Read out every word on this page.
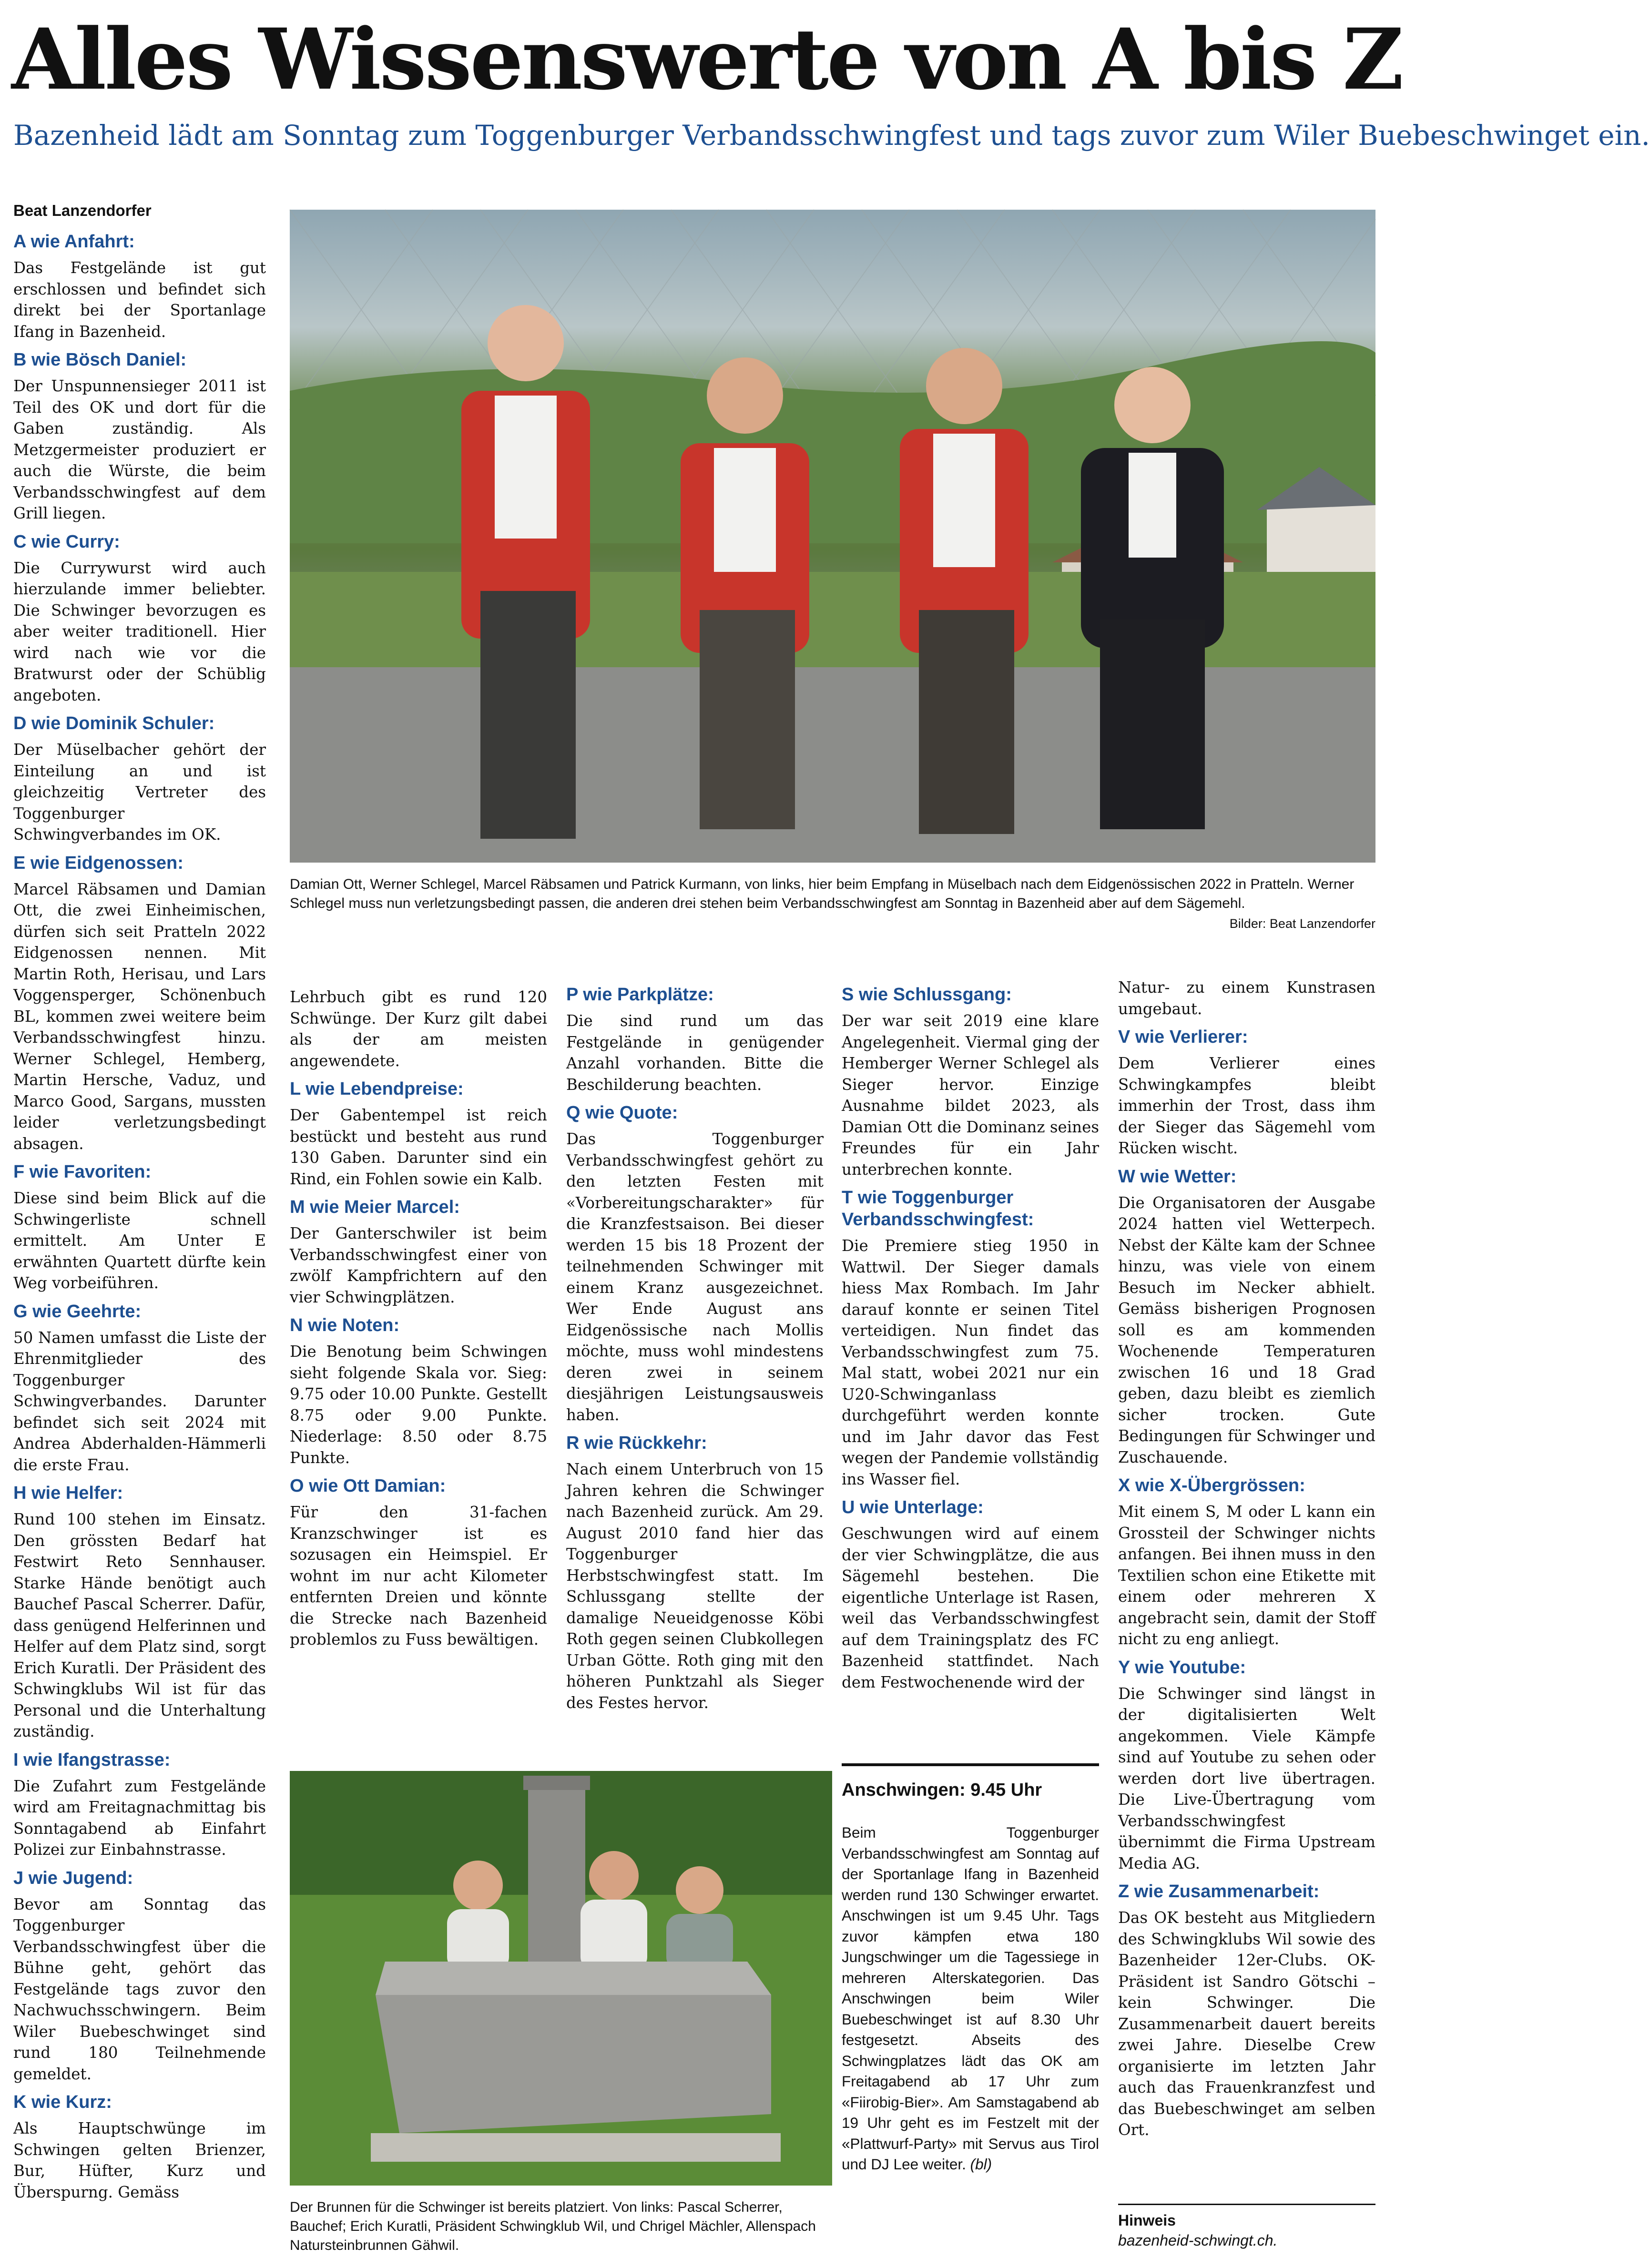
Alles Wissenswerte von A bis Z
Bazenheid lädt am Sonntag zum Toggenburger Verbandsschwingfest und tags zuvor zum Wiler Buebeschwinget ein.
Beat Lanzendorfer
A wie Anfahrt:
Das Festgelände ist gut erschlossen und befindet sich direkt bei der Sportanlage Ifang in Bazenheid.
B wie Bösch Daniel:
Der Unspunnensieger 2011 ist Teil des OK und dort für die Gaben zuständig. Als Metzgermeister produziert er auch die Würste, die beim Verbandsschwingfest auf dem Grill liegen.
C wie Curry:
Die Currywurst wird auch hierzulande immer beliebter. Die Schwinger bevorzugen es aber weiter traditionell. Hier wird nach wie vor die Bratwurst oder der Schüblig angeboten.
D wie Dominik Schuler:
Der Müselbacher gehört der Einteilung an und ist gleichzeitig Vertreter des Toggenburger Schwingverbandes im OK.
E wie Eidgenossen:
Marcel Räbsamen und Damian Ott, die zwei Einheimischen, dürfen sich seit Pratteln 2022 Eidgenossen nennen. Mit Martin Roth, Herisau, und Lars Voggensperger, Schönenbuch BL, kommen zwei weitere beim Verbandsschwingfest hinzu. Werner Schlegel, Hemberg, Martin Hersche, Vaduz, und Marco Good, Sargans, mussten leider verletzungsbedingt absagen.
F wie Favoriten:
Diese sind beim Blick auf die Schwingerliste schnell ermittelt. Am Unter E erwähnten Quartett dürfte kein Weg vorbeiführen.
G wie Geehrte:
50 Namen umfasst die Liste der Ehrenmitglieder des Toggenburger Schwingverbandes. Darunter befindet sich seit 2024 mit Andrea Abderhalden-Hämmerli die erste Frau.
H wie Helfer:
Rund 100 stehen im Einsatz. Den grössten Bedarf hat Festwirt Reto Sennhauser. Starke Hände benötigt auch Bauchef Pascal Scherrer. Dafür, dass genügend Helferinnen und Helfer auf dem Platz sind, sorgt Erich Kuratli. Der Präsident des Schwingklubs Wil ist für das Personal und die Unterhaltung zuständig.
I wie Ifangstrasse:
Die Zufahrt zum Festgelände wird am Freitagnachmittag bis Sonntagabend ab Einfahrt Polizei zur Einbahnstrasse.
J wie Jugend:
Bevor am Sonntag das Toggenburger Verbandsschwingfest über die Bühne geht, gehört das Festgelände tags zuvor den Nachwuchsschwingern. Beim Wiler Buebeschwinget sind rund 180 Teilnehmende gemeldet.
K wie Kurz:
Als Hauptschwünge im Schwingen gelten Brienzer, Bur, Hüfter, Kurz und Überspurng. Gemäss
Damian Ott, Werner Schlegel, Marcel Räbsamen und Patrick Kurmann, von links, hier beim Empfang in Müselbach nach dem Eidgenössischen 2022 in Pratteln. Werner Schlegel muss nun verletzungsbedingt passen, die anderen drei stehen beim Verbandsschwingfest am Sonntag in Bazenheid aber auf dem Sägemehl.
Bilder: Beat Lanzendorfer
Lehrbuch gibt es rund 120 Schwünge. Der Kurz gilt dabei als der am meisten angewendete.
L wie Lebendpreise:
Der Gabentempel ist reich bestückt und besteht aus rund 130 Gaben. Darunter sind ein Rind, ein Fohlen sowie ein Kalb.
M wie Meier Marcel:
Der Ganterschwiler ist beim Verbandsschwingfest einer von zwölf Kampfrichtern auf den vier Schwingplätzen.
N wie Noten:
Die Benotung beim Schwingen sieht folgende Skala vor. Sieg: 9.75 oder 10.00 Punkte. Gestellt 8.75 oder 9.00 Punkte. Niederlage: 8.50 oder 8.75 Punkte.
O wie Ott Damian:
Für den 31-fachen Kranzschwinger ist es sozusagen ein Heimspiel. Er wohnt im nur acht Kilometer entfernten Dreien und könnte die Strecke nach Bazenheid problemlos zu Fuss bewältigen.
P wie Parkplätze:
Die sind rund um das Festgelände in genügender Anzahl vorhanden. Bitte die Beschilderung beachten.
Q wie Quote:
Das Toggenburger Verbandsschwingfest gehört zu den letzten Festen mit «Vorbereitungscharakter» für die Kranzfestsaison. Bei dieser werden 15 bis 18 Prozent der teilnehmenden Schwinger mit einem Kranz ausgezeichnet. Wer Ende August ans Eidgenössische nach Mollis möchte, muss wohl mindestens deren zwei in seinem diesjährigen Leistungsausweis haben.
R wie Rückkehr:
Nach einem Unterbruch von 15 Jahren kehren die Schwinger nach Bazenheid zurück. Am 29. August 2010 fand hier das Toggenburger Herbstschwingfest statt. Im Schlussgang stellte der damalige Neueidgenosse Köbi Roth gegen seinen Clubkollegen Urban Götte. Roth ging mit den höheren Punktzahl als Sieger des Festes hervor.
S wie Schlussgang:
Der war seit 2019 eine klare Angelegenheit. Viermal ging der Hemberger Werner Schlegel als Sieger hervor. Einzige Ausnahme bildet 2023, als Damian Ott die Dominanz seines Freundes für ein Jahr unterbrechen konnte.
T wie Toggenburger Verbandsschwingfest:
Die Premiere stieg 1950 in Wattwil. Der Sieger damals hiess Max Rombach. Im Jahr darauf konnte er seinen Titel verteidigen. Nun findet das Verbandsschwingfest zum 75. Mal statt, wobei 2021 nur ein U20-Schwinganlass durchgeführt werden konnte und im Jahr davor das Fest wegen der Pandemie vollständig ins Wasser fiel.
U wie Unterlage:
Geschwungen wird auf einem der vier Schwingplätze, die aus Sägemehl bestehen. Die eigentliche Unterlage ist Rasen, weil das Verbandsschwingfest auf dem Trainingsplatz des FC Bazenheid stattfindet. Nach dem Festwochenende wird der
Natur- zu einem Kunstrasen umgebaut.
V wie Verlierer:
Dem Verlierer eines Schwingkampfes bleibt immerhin der Trost, dass ihm der Sieger das Sägemehl vom Rücken wischt.
W wie Wetter:
Die Organisatoren der Ausgabe 2024 hatten viel Wetterpech. Nebst der Kälte kam der Schnee hinzu, was viele von einem Besuch im Necker abhielt. Gemäss bisherigen Prognosen soll es am kommenden Wochenende Temperaturen zwischen 16 und 18 Grad geben, dazu bleibt es ziemlich sicher trocken. Gute Bedingungen für Schwinger und Zuschauende.
X wie X-Übergrössen:
Mit einem S, M oder L kann ein Grossteil der Schwinger nichts anfangen. Bei ihnen muss in den Textilien schon eine Etikette mit einem oder mehreren X angebracht sein, damit der Stoff nicht zu eng anliegt.
Y wie Youtube:
Die Schwinger sind längst in der digitalisierten Welt angekommen. Viele Kämpfe sind auf Youtube zu sehen oder werden dort live übertragen. Die Live-Übertragung vom Verbandsschwingfest übernimmt die Firma Upstream Media AG.
Z wie Zusammenarbeit:
Das OK besteht aus Mitgliedern des Schwingklubs Wil sowie des Bazenheider 12er-Clubs. OK-Präsident ist Sandro Götschi – kein Schwinger. Die Zusammenarbeit dauert bereits zwei Jahre. Dieselbe Crew organisierte im letzten Jahr auch das Frauenkranzfest und das Buebeschwinget am selben Ort.
Der Brunnen für die Schwinger ist bereits platziert. Von links: Pascal Scherrer, Bauchef; Erich Kuratli, Präsident Schwingklub Wil, und Chrigel Mächler, Allenspach Natursteinbrunnen Gähwil.
Anschwingen: 9.45 Uhr
Beim Toggenburger Verbandsschwingfest am Sonntag auf der Sportanlage Ifang in Bazenheid werden rund 130 Schwinger erwartet. Anschwingen ist um 9.45 Uhr. Tags zuvor kämpfen etwa 180 Jungschwinger um die Tagessiege in mehreren Alterskategorien. Das Anschwingen beim Wiler Buebeschwinget ist auf 8.30 Uhr festgesetzt. Abseits des Schwingplatzes lädt das OK am Freitagabend ab 17 Uhr zum «Fiirobig-Bier». Am Samstagabend ab 19 Uhr geht es im Festzelt mit der «Plattwurf-Party» mit Servus aus Tirol und DJ Lee weiter. (bl)
Hinweis
bazenheid-schwingt.ch.
